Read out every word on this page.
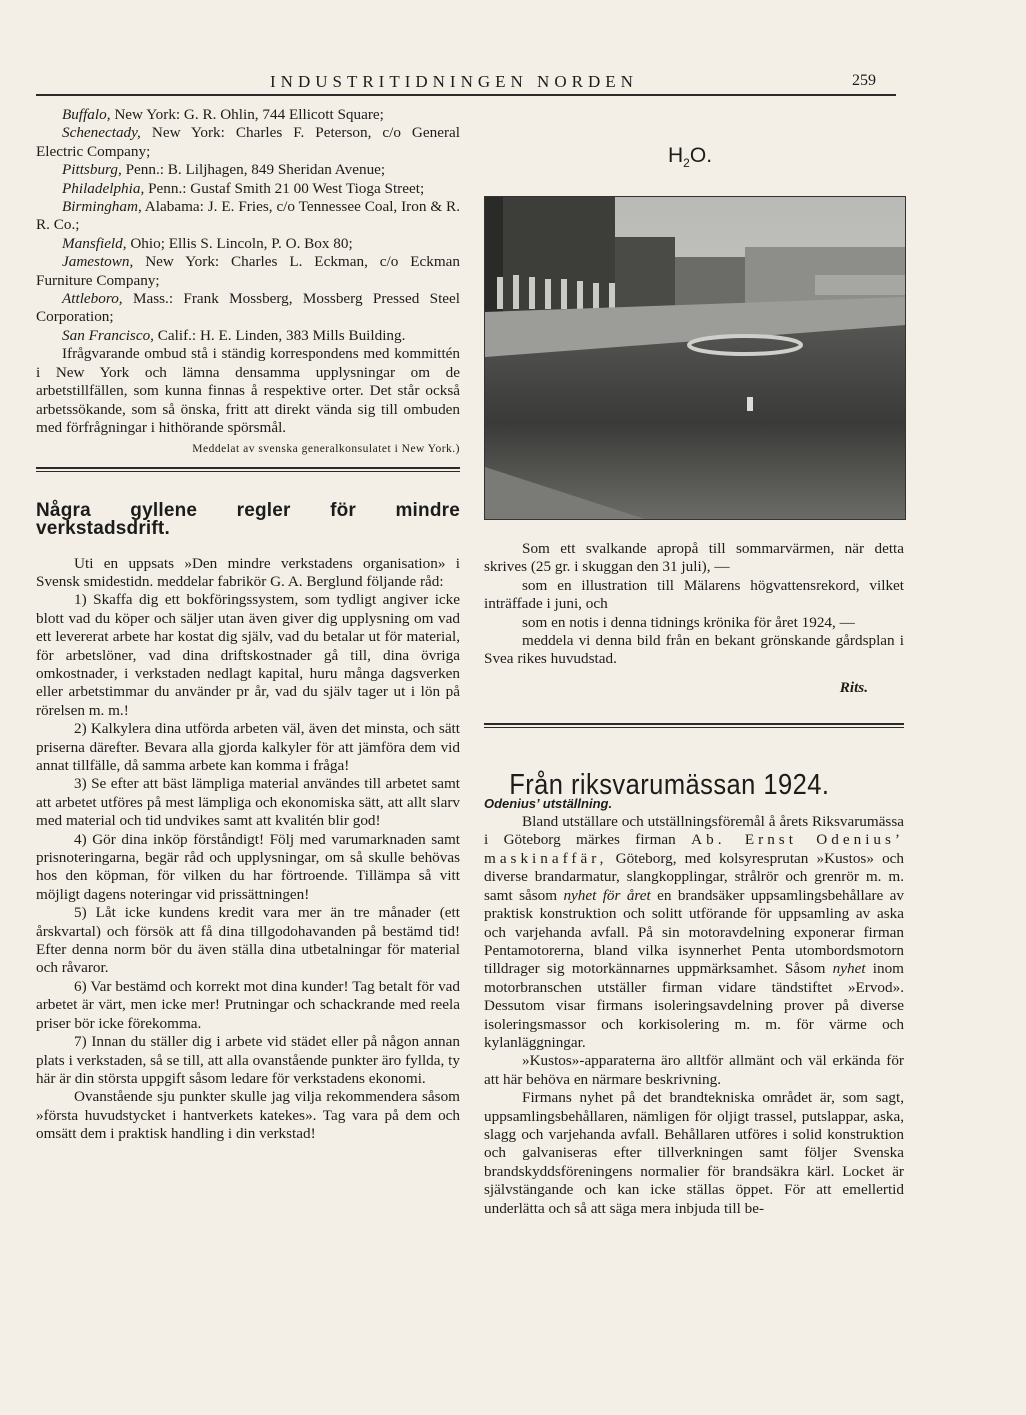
INDUSTRITIDNINGEN NORDEN	259

Buffalo, New York: G. R. Ohlin, 744 Ellicott Square;

Schenectady, New York: Charles F. Peterson, c/o General Electric Company;

Pittsburg, Penn.: B. Liljhagen, 849 Sheridan Avenue;

Philadelphia, Penn.: Gustaf Smith 21 00 West Tioga Street;

Birmingham, Alabama: J. E. Fries, c/o Tennessee Coal, Iron & R. R. Co.;

Mansfield, Ohio; Ellis S. Lincoln, P. O. Box 80;

Jamestown, New York: Charles L. Eckman, c/o Eckman Furniture Company;

Attleboro, Mass.: Frank Mossberg, Mossberg Pressed Steel Corporation;

San Francisco, Calif.: H. E. Linden, 383 Mills Building.

Ifrågvarande ombud stå i ständig korrespondens med kommittén i New York och lämna densamma upplysningar om de arbetstillfällen, som kunna finnas å respektive orter. Det står också arbetssökande, som så önska, fritt att direkt vända sig till ombuden med förfrågningar i hithörande spörsmål.

Meddelat av svenska generalkonsulatet i New York.)

Några gyllene regler för mindre verkstadsdrift.

Uti en uppsats »Den mindre verkstadens organisation» i Svensk smidestidn. meddelar fabrikör G. A. Berglund följande råd:

1) Skaffa dig ett bokföringssystem, som tydligt angiver icke blott vad du köper och säljer utan även giver dig upplysning om vad ett levererat arbete har kostat dig själv, vad du betalar ut för material, för arbetslöner, vad dina driftskostnader gå till, dina övriga omkostnader, i verkstaden nedlagt kapital, huru många dagsverken eller arbetstimmar du använder pr år, vad du själv tager ut i lön på rörelsen m. m.!

2) Kalkylera dina utförda arbeten väl, även det minsta, och sätt priserna därefter. Bevara alla gjorda kalkyler för att jämföra dem vid annat tillfälle, då samma arbete kan komma i fråga!

3) Se efter att bäst lämpliga material användes till arbetet samt att arbetet utföres på mest lämpliga och ekonomiska sätt, att allt slarv med material och tid undvikes samt att kvalitén blir god!

4) Gör dina inköp förståndigt! Följ med varumarknaden samt prisnoteringarna, begär råd och upplysningar, om så skulle behövas hos den köpman, för vilken du har förtroende. Tillämpa så vitt möjligt dagens noteringar vid prissättningen!

5) Låt icke kundens kredit vara mer än tre månader (ett årskvartal) och försök att få dina tillgodohavanden på bestämd tid! Efter denna norm bör du även ställa dina utbetalningar för material och råvaror.

6) Var bestämd och korrekt mot dina kunder! Tag betalt för vad arbetet är värt, men icke mer! Prutningar och schackrande med reela priser bör icke förekomma.

7) Innan du ställer dig i arbete vid städet eller på någon annan plats i verkstaden, så se till, att alla ovanstående punkter äro fyllda, ty här är din största uppgift såsom ledare för verkstadens ekonomi.

Ovanstående sju punkter skulle jag vilja rekommendera såsom »första huvudstycket i hantverkets katekes». Tag vara på dem och omsätt dem i praktisk handling i din verkstad!

$H_2O$.

Som ett svalkande apropå till sommarvärmen, när detta skrives (25 gr. i skuggan den 31 juli), —

som en illustration till Mälarens högvattensrekord, vilket inträffade i juni, och

som en notis i denna tidnings krönika för året 1924, —

meddela vi denna bild från en bekant grönskande gårdsplan i Svea rikes huvudstad.

Rits.

Från riksvarumässan 1924.

Odenius’ utställning.

Bland utställare och utställningsföremål å årets Riksvarumässa i Göteborg märkes firman Ab. Ernst Odenius’ maskinaffär, Göteborg, med kolsyresprutan »Kustos» och diverse brandarmatur, slangkopplingar, strålrör och grenrör m. m. samt såsom nyhet för året en brandsäker uppsamlingsbehållare av praktisk konstruktion och solitt utförande för uppsamling av aska och varjehanda avfall. På sin motoravdelning exponerar firman Pentamotorerna, bland vilka isynnerhet Penta utombordsmotorn tilldrager sig motorkännarnes uppmärksamhet. Såsom nyhet inom motorbranschen utställer firman vidare tändstiftet »Ervod». Dessutom visar firmans isoleringsavdelning prover på diverse isoleringsmassor och korkisolering m. m. för värme och kylanläggningar.

»Kustos»-apparaterna äro alltför allmänt och väl erkända för att här behöva en närmare beskrivning.

Firmans nyhet på det brandtekniska området är, som sagt, uppsamlingsbehållaren, nämligen för oljigt trassel, putslappar, aska, slagg och varjehanda avfall. Behållaren utföres i solid konstruktion och galvaniseras efter tillverkningen samt följer Svenska brandskyddsföreningens normalier för brandsäkra kärl. Locket är självstängande och kan icke ställas öppet. För att emellertid underlätta och så att säga mera inbjuda till be-
